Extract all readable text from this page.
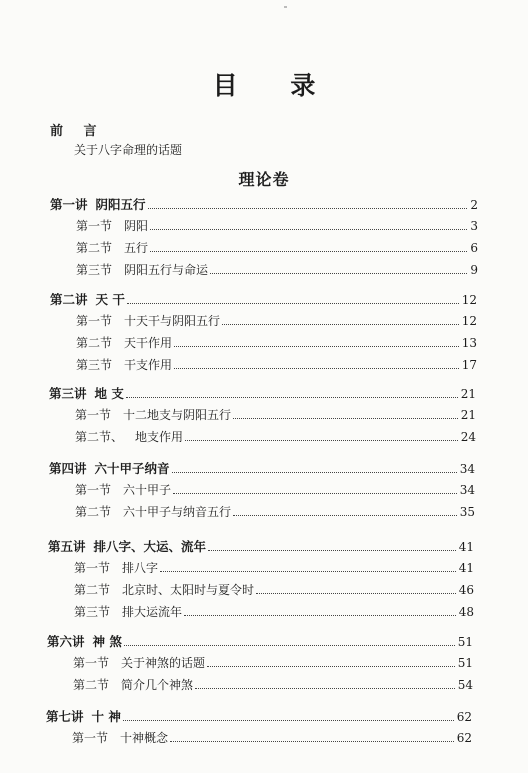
目 录
前 言
关于八字命理的话题
理论卷
第一讲 阴阳五行	2
第一节 阴阳	3
第二节 五行	6
第三节 阴阳五行与命运	9
第二讲 天 干	12
第一节 十天干与阴阳五行	12
第二节 天干作用	13
第三节 干支作用	17
第三讲 地 支	21
第一节 十二地支与阴阳五行	21
第二节、 地支作用	24
第四讲 六十甲子纳音	34
第一节 六十甲子	34
第二节 六十甲子与纳音五行	35
第五讲 排八字、大运、流年	41
第一节 排八字	41
第二节 北京时、太阳时与夏令时	46
第三节 排大运流年	48
第六讲 神 煞	51
第一节 关于神煞的话题	51
第二节 简介几个神煞	54
第七讲 十 神	62
第一节 十神概念	62
